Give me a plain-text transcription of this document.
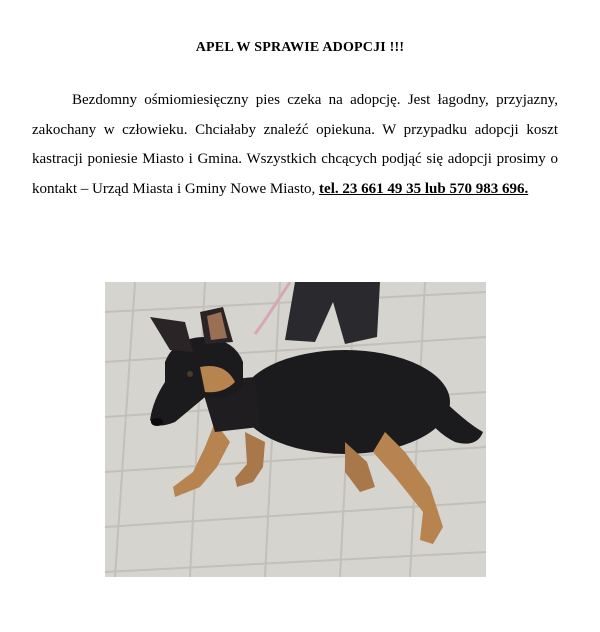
APEL W SPRAWIE ADOPCJI !!!
Bezdomny ośmiomiesięczny pies czeka na adopcję. Jest łagodny, przyjazny, zakochany w człowieku. Chciałaby znaleźć opiekuna. W przypadku adopcji koszt kastracji poniesie Miasto i Gmina. Wszystkich chcących podjąć się adopcji prosimy o kontakt – Urząd Miasta i Gminy Nowe Miasto, tel. 23 661 49 35 lub 570 983 696.
